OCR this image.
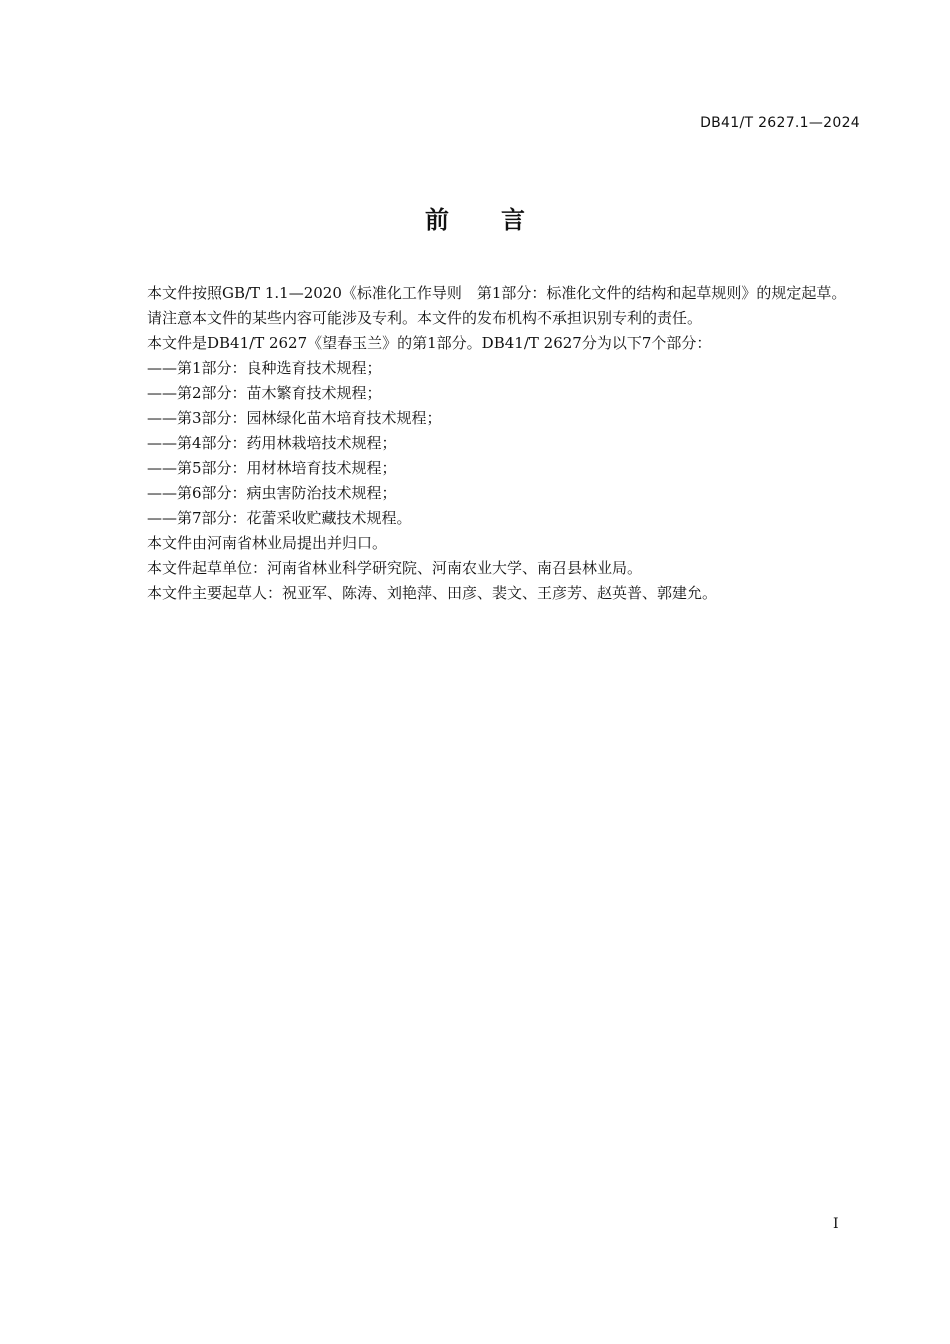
DB41/T 2627.1—2024
前言

本文件按照GB/T 1.1—2020《标准化工作导则　第1部分：标准化文件的结构和起草规则》的规定起草。

请注意本文件的某些内容可能涉及专利。本文件的发布机构不承担识别专利的责任。

本文件是DB41/T 2627《望春玉兰》的第1部分。DB41/T 2627分为以下7个部分：

——第1部分：良种选育技术规程；

——第2部分：苗木繁育技术规程；

——第3部分：园林绿化苗木培育技术规程；

——第4部分：药用林栽培技术规程；

——第5部分：用材林培育技术规程；

——第6部分：病虫害防治技术规程；

——第7部分：花蕾采收贮藏技术规程。

本文件由河南省林业局提出并归口。

本文件起草单位：河南省林业科学研究院、河南农业大学、南召县林业局。

本文件主要起草人：祝亚军、陈涛、刘艳萍、田彦、裴文、王彦芳、赵英普、郭建允。

I
